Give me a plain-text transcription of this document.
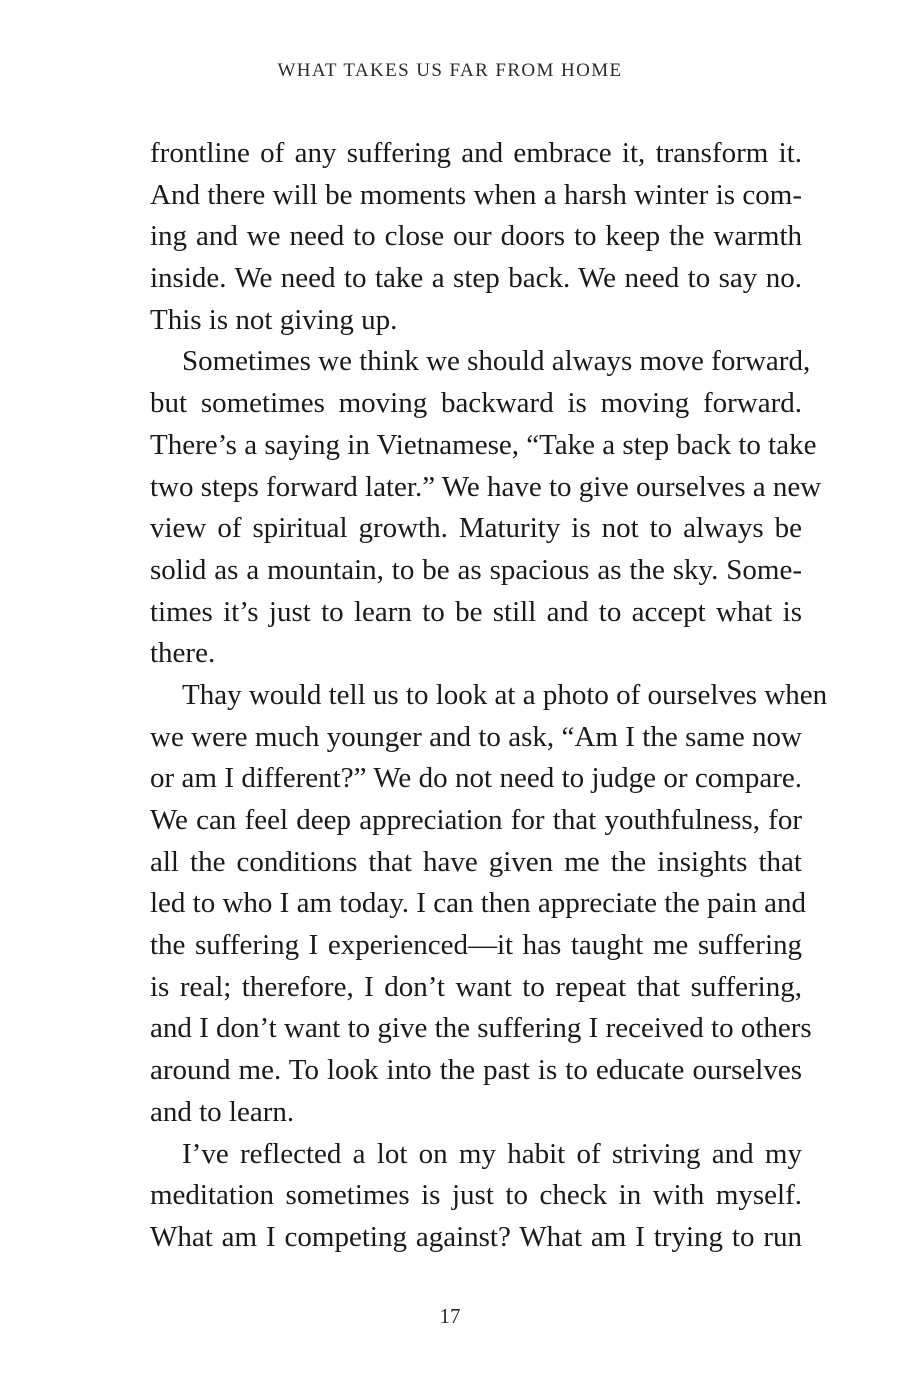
WHAT TAKES US FAR FROM HOME
frontline of any suffering and embrace it, transform it.
And there will be moments when a harsh winter is com-
ing and we need to close our doors to keep the warmth
inside. We need to take a step back. We need to say no.
This is not giving up.
Sometimes we think we should always move forward,
but sometimes moving backward is moving forward.
There’s a saying in Vietnamese, “Take a step back to take
two steps forward later.” We have to give ourselves a new
view of spiritual growth. Maturity is not to always be
solid as a mountain, to be as spacious as the sky. Some-
times it’s just to learn to be still and to accept what is
there.
Thay would tell us to look at a photo of ourselves when
we were much younger and to ask, “Am I the same now
or am I different?” We do not need to judge or compare.
We can feel deep appreciation for that youthfulness, for
all the conditions that have given me the insights that
led to who I am today. I can then appreciate the pain and
the suffering I experienced—it has taught me suffering
is real; therefore, I don’t want to repeat that suffering,
and I don’t want to give the suffering I received to others
around me. To look into the past is to educate ourselves
and to learn.
I’ve reflected a lot on my habit of striving and my
meditation sometimes is just to check in with myself.
What am I competing against? What am I trying to run
17
